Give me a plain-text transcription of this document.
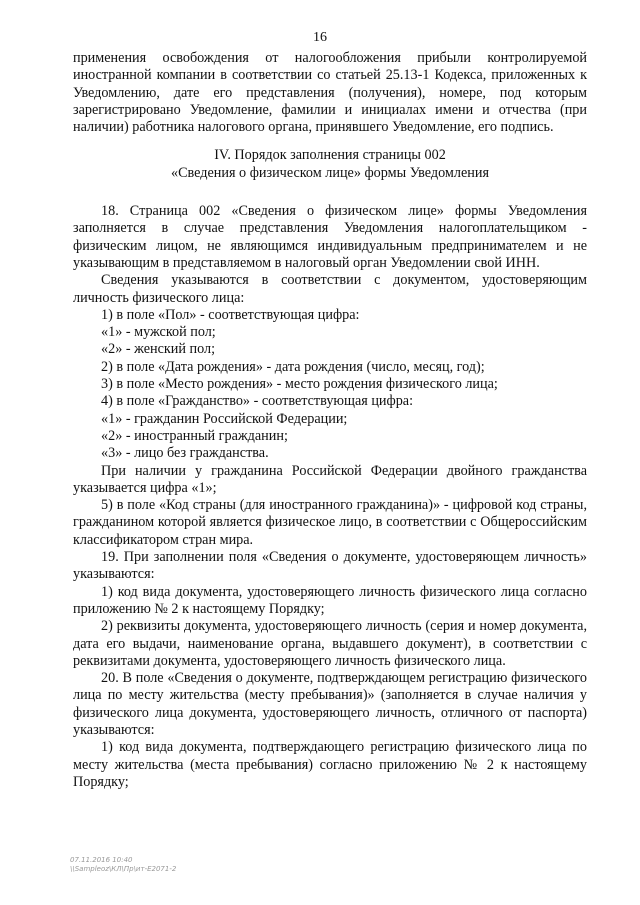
16

применения освобождения от налогообложения прибыли контролируемой иностранной компании в соответствии со статьей 25.13-1 Кодекса, приложенных к Уведомлению, дате его представления (получения), номере, под которым зарегистрировано Уведомление, фамилии и инициалах имени и отчества (при наличии) работника налогового органа, принявшего Уведомление, его подпись.

IV. Порядок заполнения страницы 002
«Сведения о физическом лице» формы Уведомления

18. Страница 002 «Сведения о физическом лице» формы Уведомления заполняется в случае представления Уведомления налогоплательщиком - физическим лицом, не являющимся индивидуальным предпринимателем и не указывающим в представляемом в налоговый орган Уведомлении свой ИНН.

Сведения указываются в соответствии с документом, удостоверяющим личность физического лица:

1) в поле «Пол» - соответствующая цифра:

«1» - мужской пол;

«2» - женский пол;

2) в поле «Дата рождения» - дата рождения (число, месяц, год);

3) в поле «Место рождения» - место рождения физического лица;

4) в поле «Гражданство» - соответствующая цифра:

«1» - гражданин Российской Федерации;

«2» - иностранный гражданин;

«3» - лицо без гражданства.

При наличии у гражданина Российской Федерации двойного гражданства указывается цифра «1»;

5) в поле «Код страны (для иностранного гражданина)» - цифровой код страны, гражданином которой является физическое лицо, в соответствии с Общероссийским классификатором стран мира.

19. При заполнении поля «Сведения о документе, удостоверяющем личность» указываются:

1) код вида документа, удостоверяющего личность физического лица согласно приложению № 2 к настоящему Порядку;

2) реквизиты документа, удостоверяющего личность (серия и номер документа, дата его выдачи, наименование органа, выдавшего документ), в соответствии с реквизитами документа, удостоверяющего личность физического лица.

20. В поле «Сведения о документе, подтверждающем регистрацию физического лица по месту жительства (месту пребывания)» (заполняется в случае наличия у физического лица документа, удостоверяющего личность, отличного от паспорта) указываются:

1) код вида документа, подтверждающего регистрацию физического лица по месту жительства (места пребывания) согласно приложению № 2 к настоящему Порядку;

07.11.2016 10:40
\\Sampleoz\КЛ\Пр\ит-E2071-2
